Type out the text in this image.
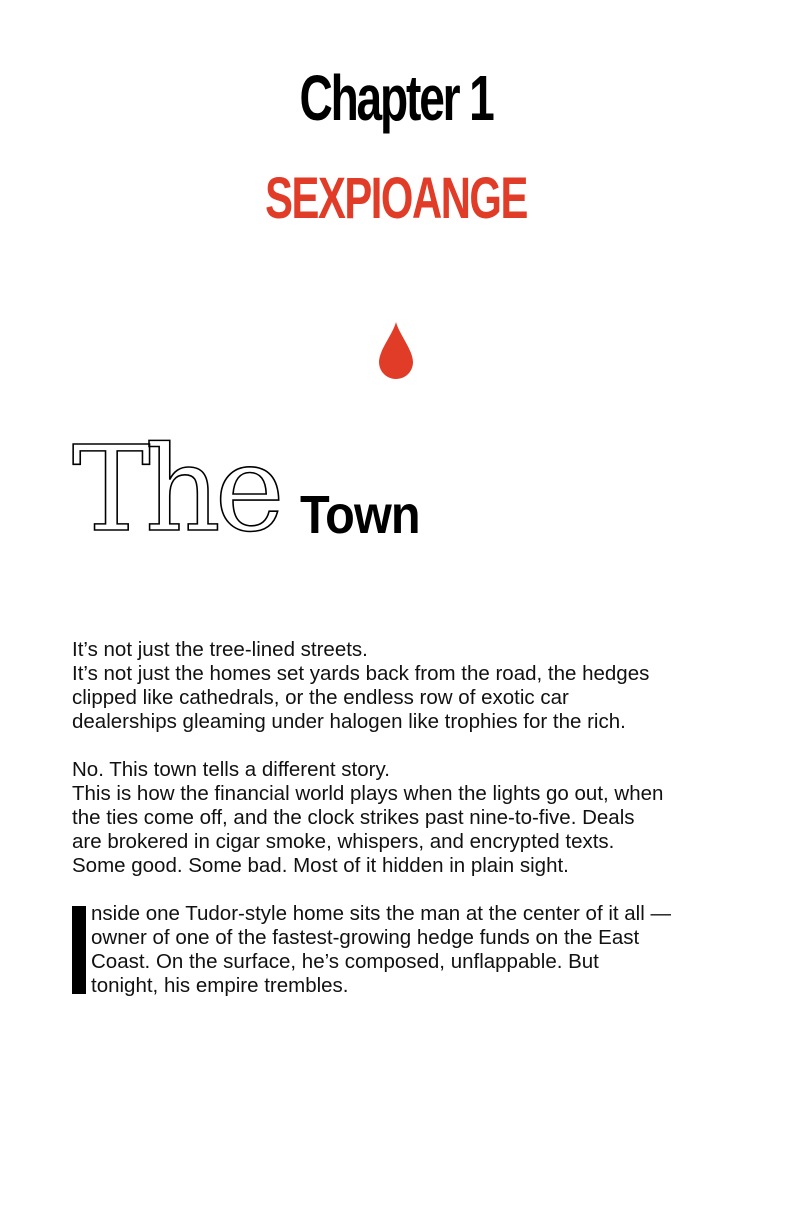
Chapter 1
SEXPIOANGE
The Town
It’s not just the tree-lined streets.
It’s not just the homes set yards back from the road, the hedges
clipped like cathedrals, or the endless row of exotic car
dealerships gleaming under halogen like trophies for the rich.
No. This town tells a different story.
This is how the financial world plays when the lights go out, when
the ties come off, and the clock strikes past nine-to-five. Deals
are brokered in cigar smoke, whispers, and encrypted texts.
Some good. Some bad. Most of it hidden in plain sight.
nside one Tudor-style home sits the man at the center of it all —
owner of one of the fastest-growing hedge funds on the East
Coast. On the surface, he’s composed, unflappable. But
tonight, his empire trembles.
